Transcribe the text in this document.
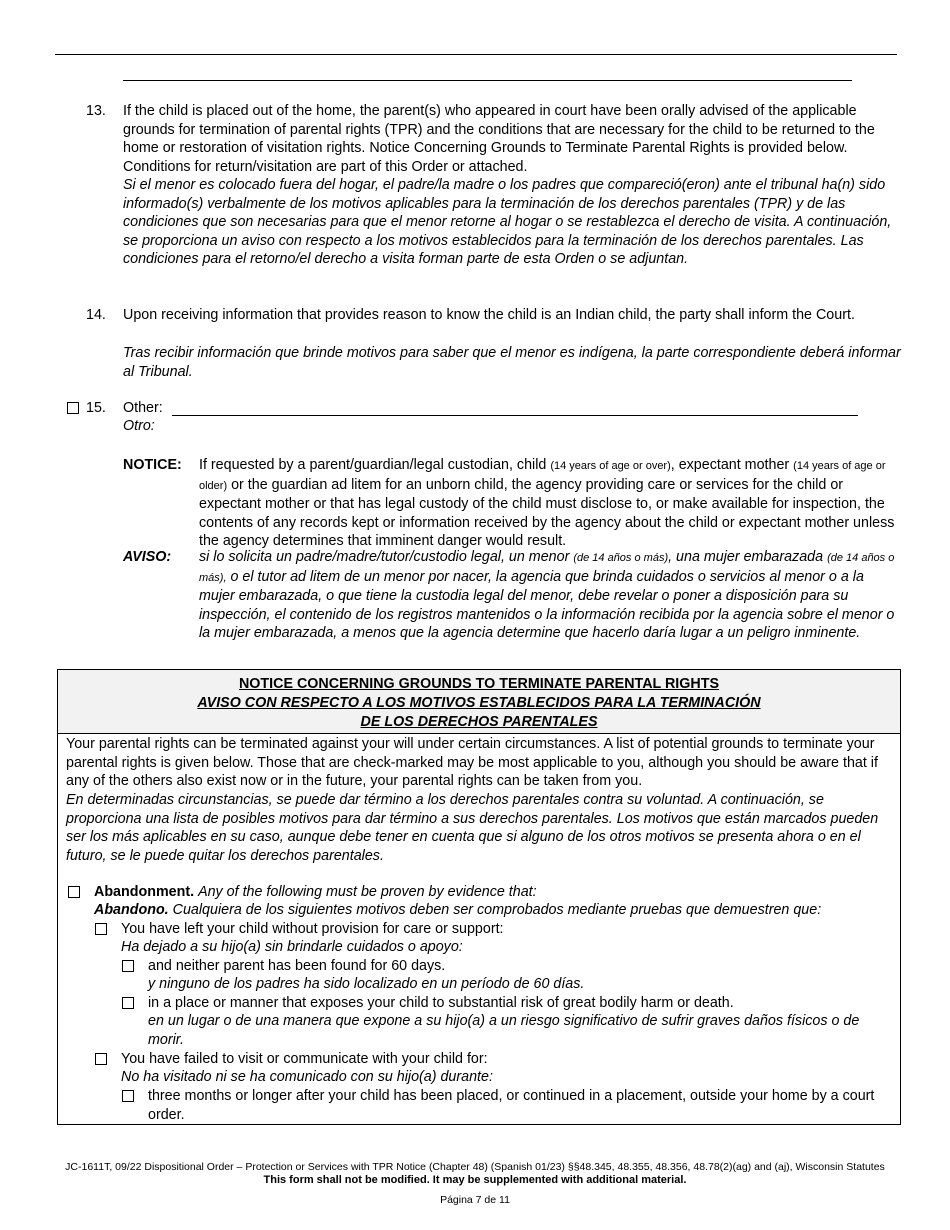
13. If the child is placed out of the home, the parent(s) who appeared in court have been orally advised of the applicable grounds for termination of parental rights (TPR) and the conditions that are necessary for the child to be returned to the home or restoration of visitation rights. Notice Concerning Grounds to Terminate Parental Rights is provided below. Conditions for return/visitation are part of this Order or attached.
Si el menor es colocado fuera del hogar, el padre/la madre o los padres que compareció(eron) ante el tribunal ha(n) sido informado(s) verbalmente de los motivos aplicables para la terminación de los derechos parentales (TPR) y de las condiciones que son necesarias para que el menor retorne al hogar o se restablezca el derecho de visita. A continuación, se proporciona un aviso con respecto a los motivos establecidos para la terminación de los derechos parentales. Las condiciones para el retorno/el derecho a visita forman parte de esta Orden o se adjuntan.
14. Upon receiving information that provides reason to know the child is an Indian child, the party shall inform the Court.
Tras recibir información que brinde motivos para saber que el menor es indígena, la parte correspondiente deberá informar al Tribunal.
15. Other:
Otro:
NOTICE: If requested by a parent/guardian/legal custodian, child (14 years of age or over), expectant mother (14 years of age or older) or the guardian ad litem for an unborn child, the agency providing care or services for the child or expectant mother or that has legal custody of the child must disclose to, or make available for inspection, the contents of any records kept or information received by the agency about the child or expectant mother unless the agency determines that imminent danger would result.
AVISO: si lo solicita un padre/madre/tutor/custodio legal, un menor (de 14 años o más), una mujer embarazada (de 14 años o más), o el tutor ad litem de un menor por nacer, la agencia que brinda cuidados o servicios al menor o a la mujer embarazada, o que tiene la custodia legal del menor, debe revelar o poner a disposición para su inspección, el contenido de los registros mantenidos o la información recibida por la agencia sobre el menor o la mujer embarazada, a menos que la agencia determine que hacerlo daría lugar a un peligro inminente.
NOTICE CONCERNING GROUNDS TO TERMINATE PARENTAL RIGHTS
AVISO CON RESPECTO A LOS MOTIVOS ESTABLECIDOS PARA LA TERMINACIÓN
DE LOS DERECHOS PARENTALES
Your parental rights can be terminated against your will under certain circumstances. A list of potential grounds to terminate your parental rights is given below. Those that are check-marked may be most applicable to you, although you should be aware that if any of the others also exist now or in the future, your parental rights can be taken from you.
En determinadas circunstancias, se puede dar término a los derechos parentales contra su voluntad. A continuación, se proporciona una lista de posibles motivos para dar término a sus derechos parentales. Los motivos que están marcados pueden ser los más aplicables en su caso, aunque debe tener en cuenta que si alguno de los otros motivos se presenta ahora o en el futuro, se le puede quitar los derechos parentales.
Abandonment. Any of the following must be proven by evidence that:
Abandono. Cualquiera de los siguientes motivos deben ser comprobados mediante pruebas que demuestren que:
You have left your child without provision for care or support:
Ha dejado a su hijo(a) sin brindarle cuidados o apoyo:
and neither parent has been found for 60 days.
y ninguno de los padres ha sido localizado en un período de 60 días.
in a place or manner that exposes your child to substantial risk of great bodily harm or death.
en un lugar o de una manera que expone a su hijo(a) a un riesgo significativo de sufrir graves daños físicos o de morir.
You have failed to visit or communicate with your child for:
No ha visitado ni se ha comunicado con su hijo(a) durante:
three months or longer after your child has been placed, or continued in a placement, outside your home by a court order.
JC-1611T, 09/22 Dispositional Order – Protection or Services with TPR Notice (Chapter 48) (Spanish 01/23) §§48.345, 48.355, 48.356, 48.78(2)(ag) and (aj), Wisconsin Statutes
This form shall not be modified. It may be supplemented with additional material.
Página 7 de 11
